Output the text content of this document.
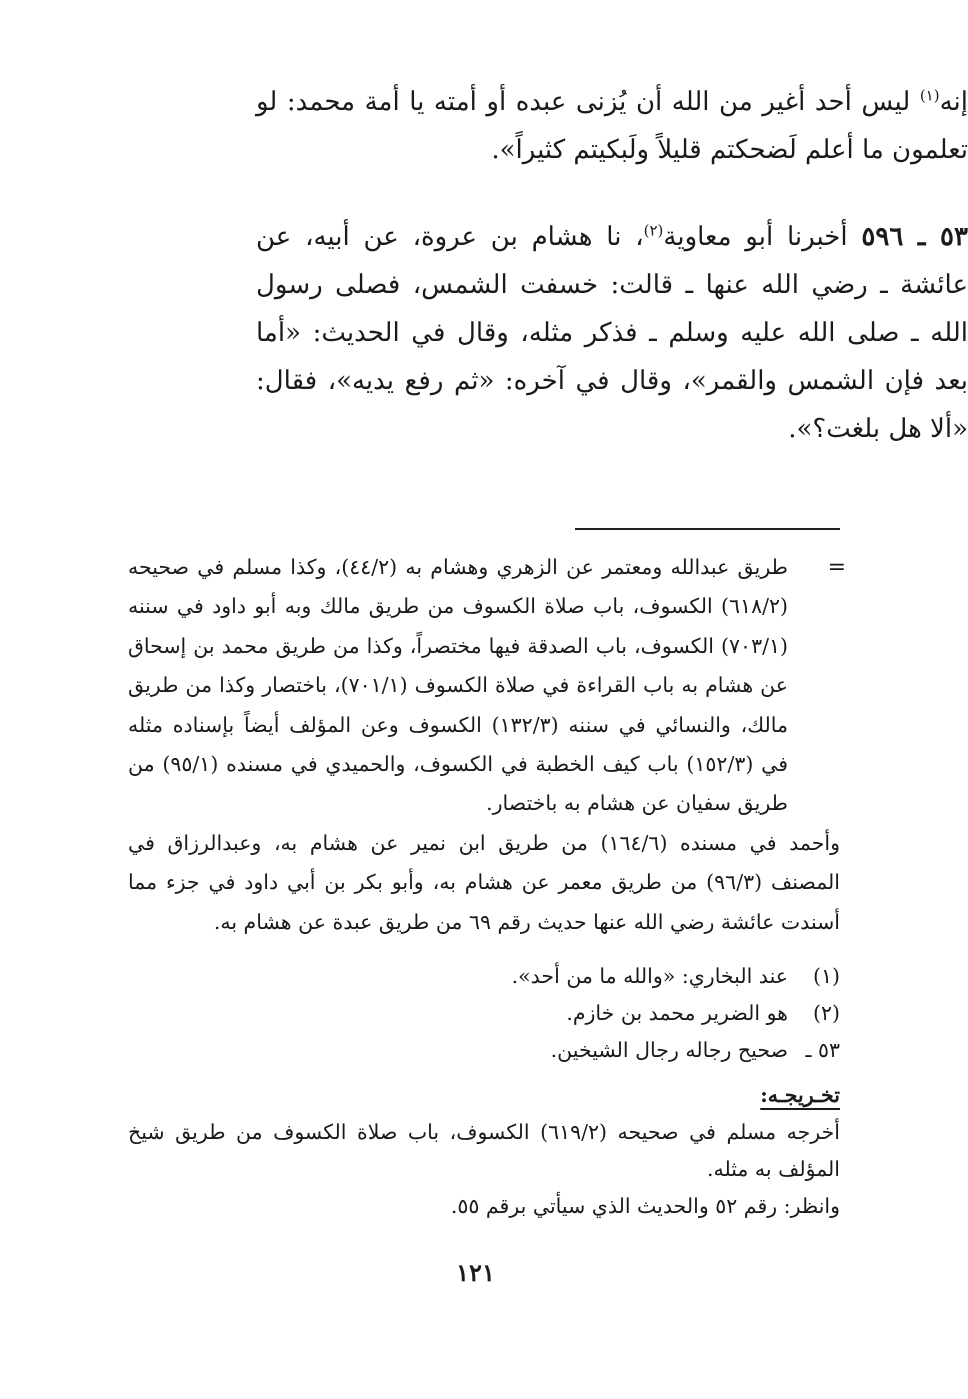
إنه$^{(١)}$ ليس أحد أغير من الله أن يُزنى عبده أو أمته يا أمة محمد: لو تعلمون ما أعلم لَضحكتم قليلاً ولَبكيتم كثيراً».

٥٣ ـ ٥٩٦ أخبرنا أبو معاوية$^{(٢)}$، نا هشام بن عروة، عن أبيه، عن عائشة ـ رضي الله عنها ـ قالت: خسفت الشمس، فصلى رسول الله ـ صلى الله عليه وسلم ـ فذكر مثله، وقال في الحديث: «أما بعد فإن الشمس والقمر»، وقال في آخره: «ثم رفع يديه»، فقال: «ألا هل بلغت؟».

=

طريق عبدالله ومعتمر عن الزهري وهشام به (٤٤/٢)، وكذا مسلم في صحيحه (٦١٨/٢) الكسوف، باب صلاة الكسوف من طريق مالك وبه أبو داود في سننه (٧٠٣/١) الكسوف، باب الصدقة فيها مختصراً، وكذا من طريق محمد بن إسحاق عن هشام به باب القراءة في صلاة الكسوف (٧٠١/١)، باختصار وكذا من طريق مالك، والنسائي في سننه (١٣٢/٣) الكسوف وعن المؤلف أيضاً بإسناده مثله في (١٥٢/٣) باب كيف الخطبة في الكسوف، والحميدي في مسنده (٩٥/١) من طريق سفيان عن هشام به باختصار.

وأحمد في مسنده (١٦٤/٦) من طريق ابن نمير عن هشام به، وعبدالرزاق في المصنف (٩٦/٣) من طريق معمر عن هشام به، وأبو بكر بن أبي داود في جزء مما أسندت عائشة رضي الله عنها حديث رقم ٦٩ من طريق عبدة عن هشام به.

(١)
عند البخاري: «والله ما من أحد».
(٢)
هو الضرير محمد بن خازم.
٥٣ ـ
صحيح رجاله رجال الشيخين.

تخـريجـه:

أخرجه مسلم في صحيحه (٦١٩/٢) الكسوف، باب صلاة الكسوف من طريق شيخ المؤلف به مثله.

وانظر: رقم ٥٢ والحديث الذي سيأتي برقم ٥٥.

١٢١
